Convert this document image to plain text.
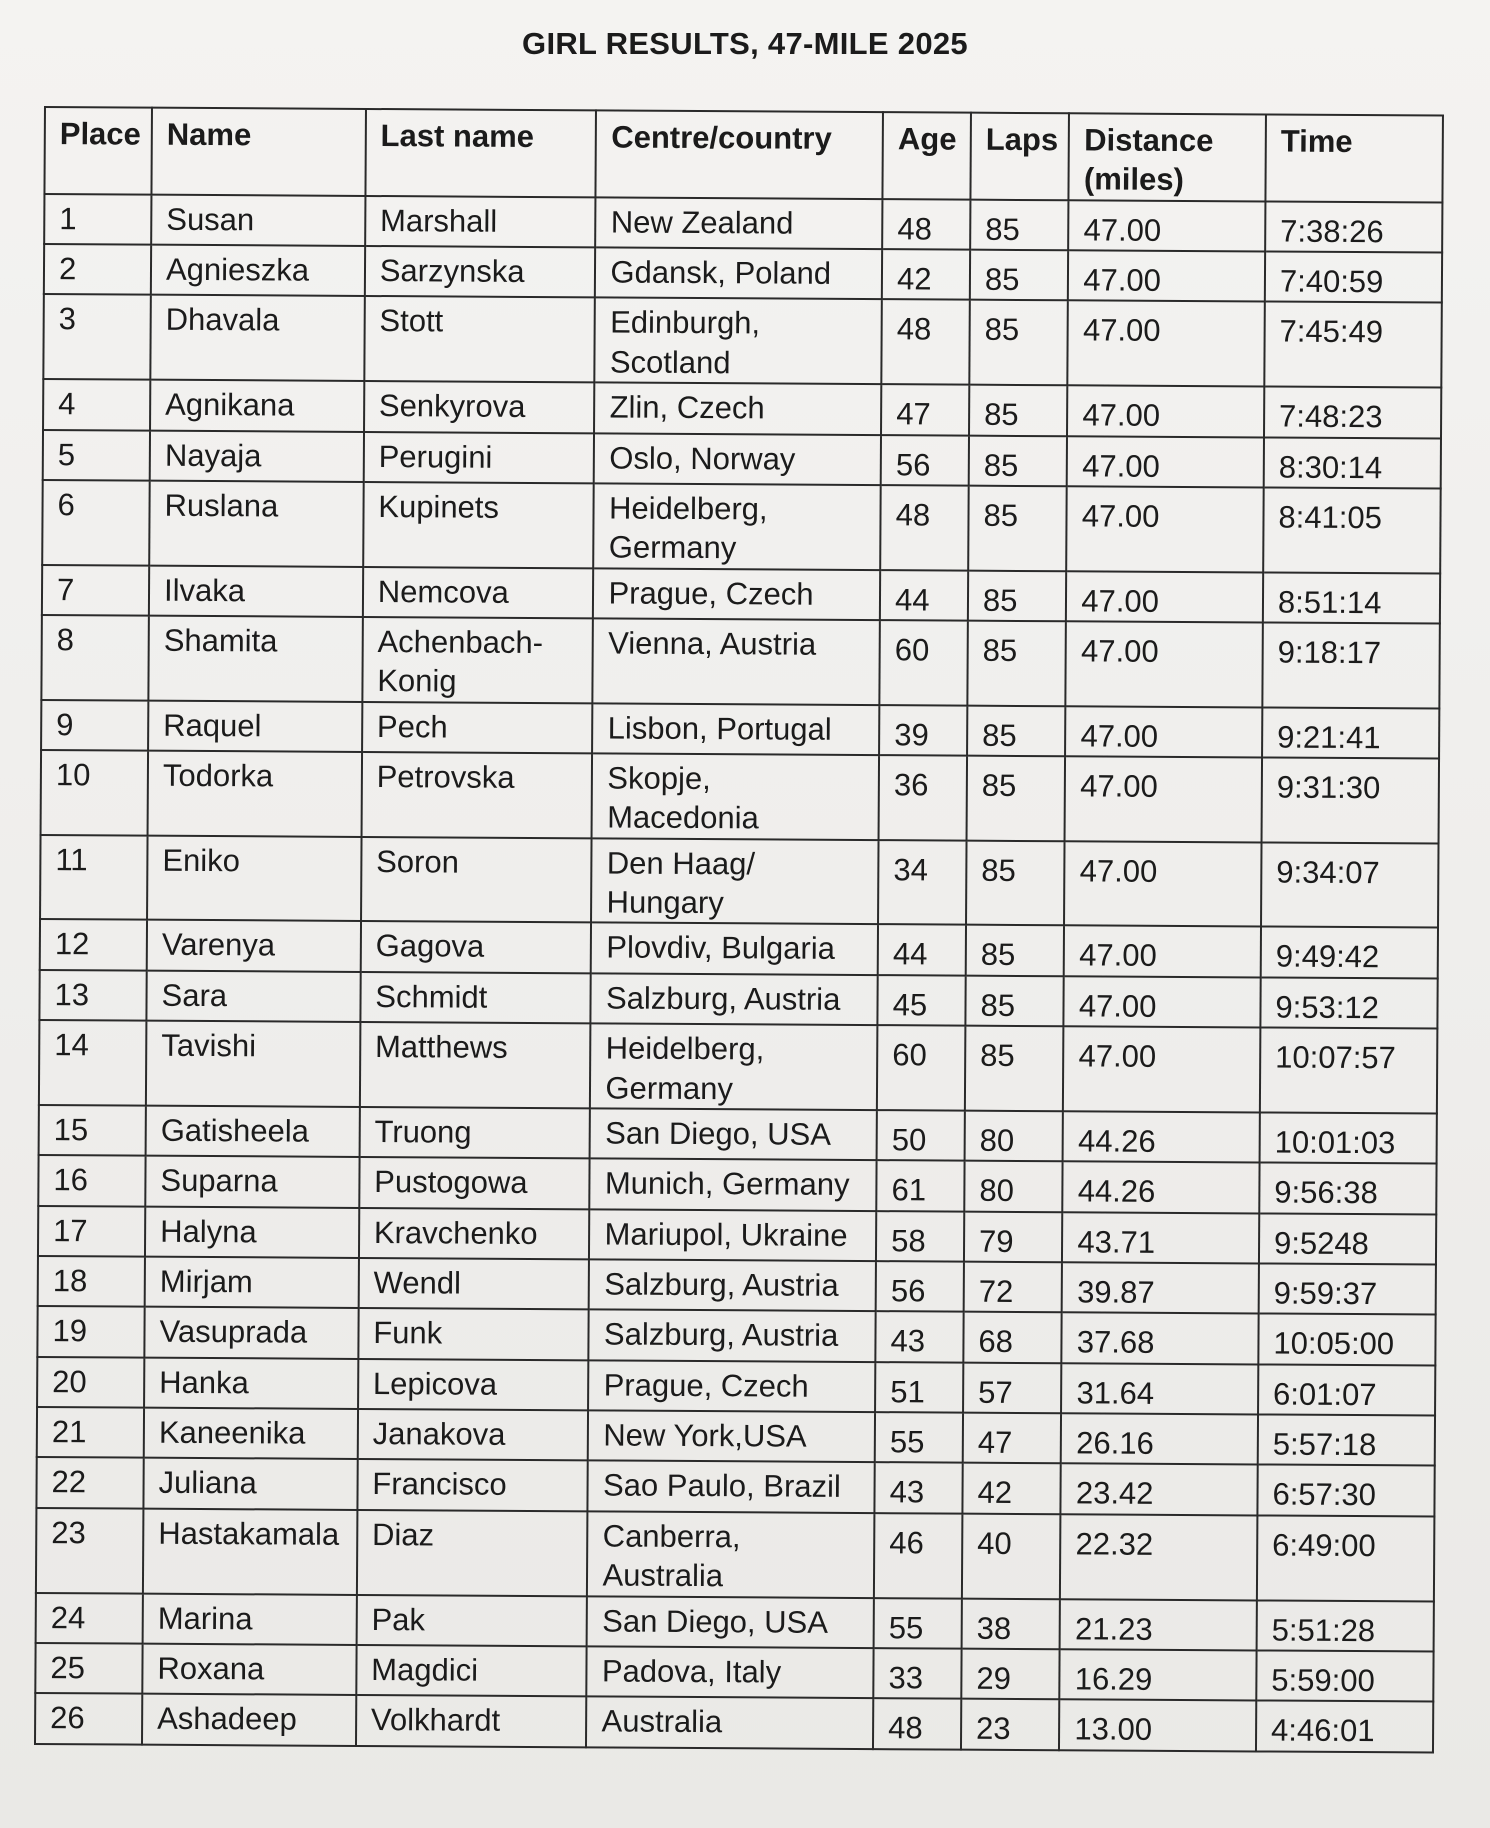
GIRL RESULTS, 47-MILE 2025
Place	Name	Last name	Centre/country	Age	Laps	Distance (miles)	Time
1	Susan	Marshall	New Zealand	48	85	47.00	7:38:26
2	Agnieszka	Sarzynska	Gdansk, Poland	42	85	47.00	7:40:59
3	Dhavala	Stott	Edinburgh, Scotland	48	85	47.00	7:45:49
4	Agnikana	Senkyrova	Zlin, Czech	47	85	47.00	7:48:23
5	Nayaja	Perugini	Oslo, Norway	56	85	47.00	8:30:14
6	Ruslana	Kupinets	Heidelberg, Germany	48	85	47.00	8:41:05
7	Ilvaka	Nemcova	Prague, Czech	44	85	47.00	8:51:14
8	Shamita	Achenbach-Konig	Vienna, Austria	60	85	47.00	9:18:17
9	Raquel	Pech	Lisbon, Portugal	39	85	47.00	9:21:41
10	Todorka	Petrovska	Skopje, Macedonia	36	85	47.00	9:31:30
11	Eniko	Soron	Den Haag/ Hungary	34	85	47.00	9:34:07
12	Varenya	Gagova	Plovdiv, Bulgaria	44	85	47.00	9:49:42
13	Sara	Schmidt	Salzburg, Austria	45	85	47.00	9:53:12
14	Tavishi	Matthews	Heidelberg, Germany	60	85	47.00	10:07:57
15	Gatisheela	Truong	San Diego, USA	50	80	44.26	10:01:03
16	Suparna	Pustogowa	Munich, Germany	61	80	44.26	9:56:38
17	Halyna	Kravchenko	Mariupol, Ukraine	58	79	43.71	9:5248
18	Mirjam	Wendl	Salzburg, Austria	56	72	39.87	9:59:37
19	Vasuprada	Funk	Salzburg, Austria	43	68	37.68	10:05:00
20	Hanka	Lepicova	Prague, Czech	51	57	31.64	6:01:07
21	Kaneenika	Janakova	New York,USA	55	47	26.16	5:57:18
22	Juliana	Francisco	Sao Paulo, Brazil	43	42	23.42	6:57:30
23	Hastakamala	Diaz	Canberra, Australia	46	40	22.32	6:49:00
24	Marina	Pak	San Diego, USA	55	38	21.23	5:51:28
25	Roxana	Magdici	Padova, Italy	33	29	16.29	5:59:00
26	Ashadeep	Volkhardt	Australia	48	23	13.00	4:46:01
